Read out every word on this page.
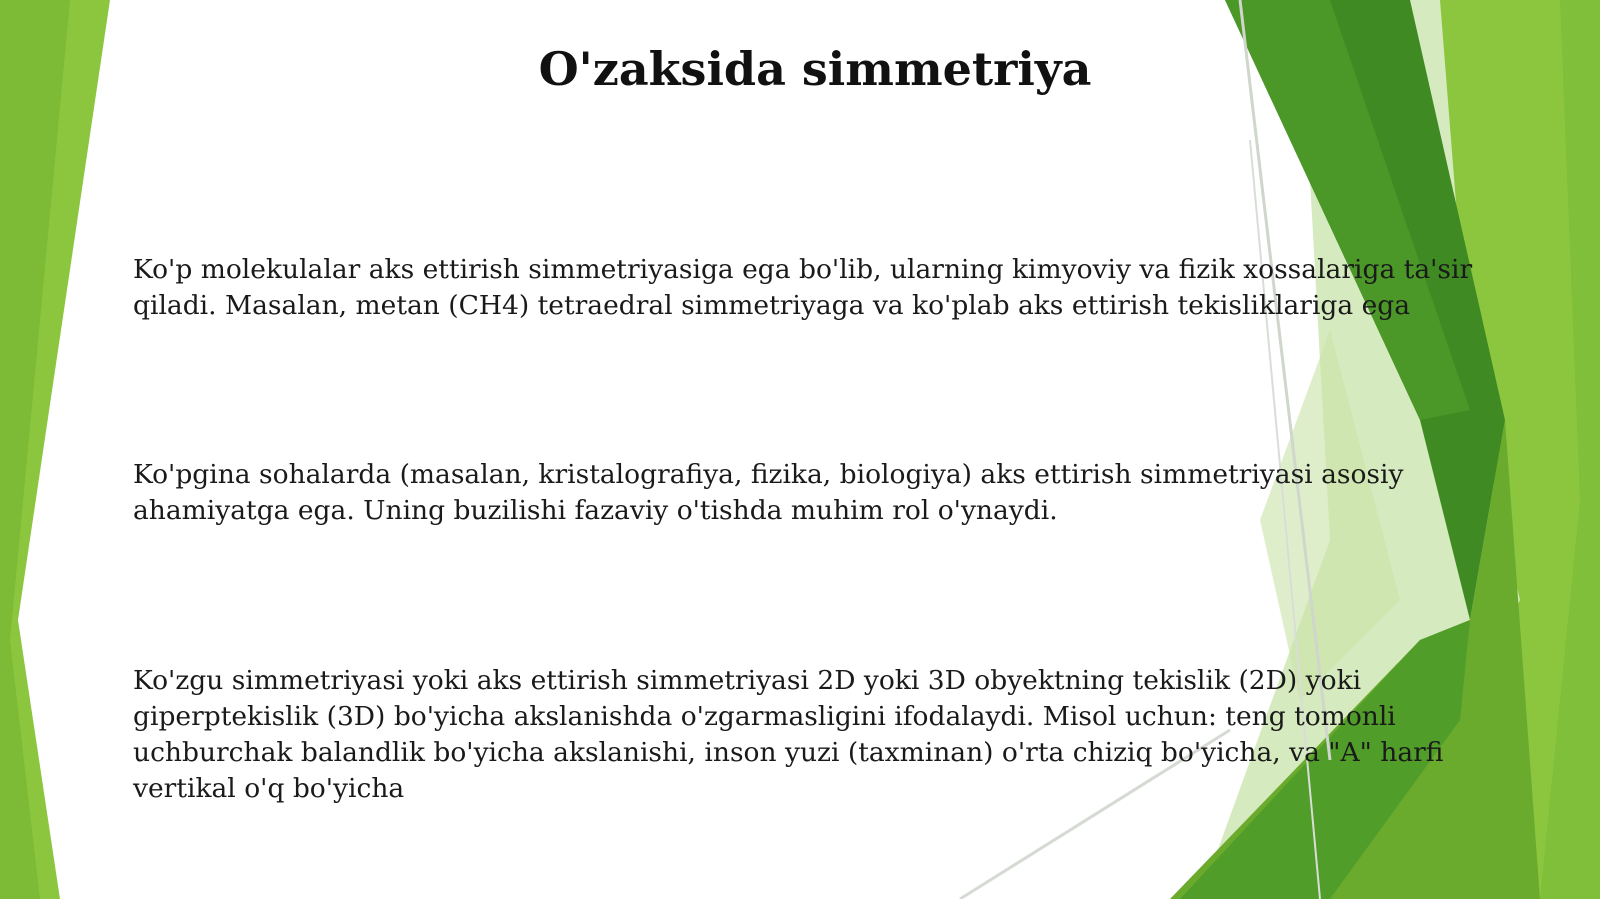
O'zaksida simmetriya

Ko'p molekulalar aks ettirish simmetriyasiga ega bo'lib, ularning kimyoviy va fizik xossalariga ta'sir qiladi. Masalan, metan (CH4) tetraedral simmetriyaga va ko'plab aks ettirish tekisliklariga ega

Ko'pgina sohalarda (masalan, kristalografiya, fizika, biologiya) aks ettirish simmetriyasi asosiy ahamiyatga ega. Uning buzilishi fazaviy o'tishda muhim rol o'ynaydi.

Ko'zgu simmetriyasi yoki aks ettirish simmetriyasi 2D yoki 3D obyektning tekislik (2D) yoki giperptekislik (3D) bo'yicha akslanishda o'zgarmasligini ifodalaydi. Misol uchun: teng tomonli uchburchak balandlik bo'yicha akslanishi, inson yuzi (taxminan) o'rta chiziq bo'yicha, va "A" harfi vertikal o'q bo'yicha
